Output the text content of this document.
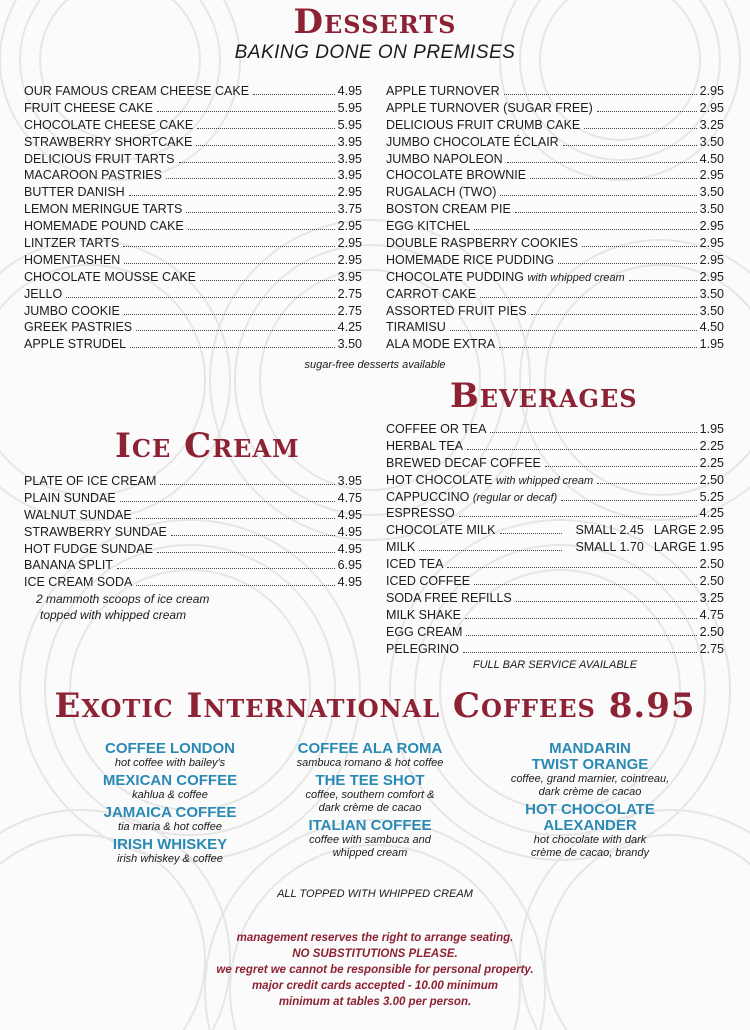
Desserts
BAKING DONE ON PREMISES
OUR FAMOUS CREAM CHEESE CAKE	4.95
FRUIT CHEESE CAKE	5.95
CHOCOLATE CHEESE CAKE	5.95
STRAWBERRY SHORTCAKE	3.95
DELICIOUS FRUIT TARTS	3.95
MACAROON PASTRIES	3.95
BUTTER DANISH	2.95
LEMON MERINGUE TARTS	3.75
HOMEMADE POUND CAKE	2.95
LINTZER TARTS	2.95
HOMENTASHEN	2.95
CHOCOLATE MOUSSE CAKE	3.95
JELLO	2.75
JUMBO COOKIE	2.75
GREEK PASTRIES	4.25
APPLE STRUDEL	3.50
APPLE TURNOVER	2.95
APPLE TURNOVER (SUGAR FREE)	2.95
DELICIOUS FRUIT CRUMB CAKE	3.25
JUMBO CHOCOLATE ÉCLAIR	3.50
JUMBO NAPOLEON	4.50
CHOCOLATE BROWNIE	2.95
RUGALACH (TWO)	3.50
BOSTON CREAM PIE	3.50
EGG KITCHEL	2.95
DOUBLE RASPBERRY COOKIES	2.95
HOMEMADE RICE PUDDING	2.95
CHOCOLATE PUDDING with whipped cream	2.95
CARROT CAKE	3.50
ASSORTED FRUIT PIES	3.50
TIRAMISU	4.50
ALA MODE EXTRA	1.95
sugar-free desserts available
Beverages
COFFEE OR TEA	1.95
HERBAL TEA	2.25
BREWED DECAF COFFEE	2.25
HOT CHOCOLATE with whipped cream	2.50
CAPPUCCINO (regular or decaf)	5.25
ESPRESSO	4.25
CHOCOLATE MILK	SMALL 2.45 LARGE 2.95
MILK	SMALL 1.70 LARGE 1.95
ICED TEA	2.50
ICED COFFEE	2.50
SODA FREE REFILLS	3.25
MILK SHAKE	4.75
EGG CREAM	2.50
PELEGRINO	2.75
FULL BAR SERVICE AVAILABLE
Ice Cream
PLATE OF ICE CREAM	3.95
PLAIN SUNDAE	4.75
WALNUT SUNDAE	4.95
STRAWBERRY SUNDAE	4.95
HOT FUDGE SUNDAE	4.95
BANANA SPLIT	6.95
ICE CREAM SODA	4.95
2 mammoth scoops of ice cream
topped with whipped cream
Exotic International Coffees 8.95
COFFEE LONDON
hot coffee with bailey's
MEXICAN COFFEE
kahlua & coffee
JAMAICA COFFEE
tia maria & hot coffee
IRISH WHISKEY
irish whiskey & coffee
COFFEE ALA ROMA
sambuca romano & hot coffee
THE TEE SHOT
coffee, southern comfort &
dark crème de cacao
ITALIAN COFFEE
coffee with sambuca and
whipped cream
MANDARIN
TWIST ORANGE
coffee, grand marnier, cointreau,
dark crème de cacao
HOT CHOCOLATE
ALEXANDER
hot chocolate with dark
crème de cacao, brandy
ALL TOPPED WITH WHIPPED CREAM
management reserves the right to arrange seating.
NO SUBSTITUTIONS PLEASE.
we regret we cannot be responsible for personal property.
major credit cards accepted - 10.00 minimum
minimum at tables 3.00 per person.
